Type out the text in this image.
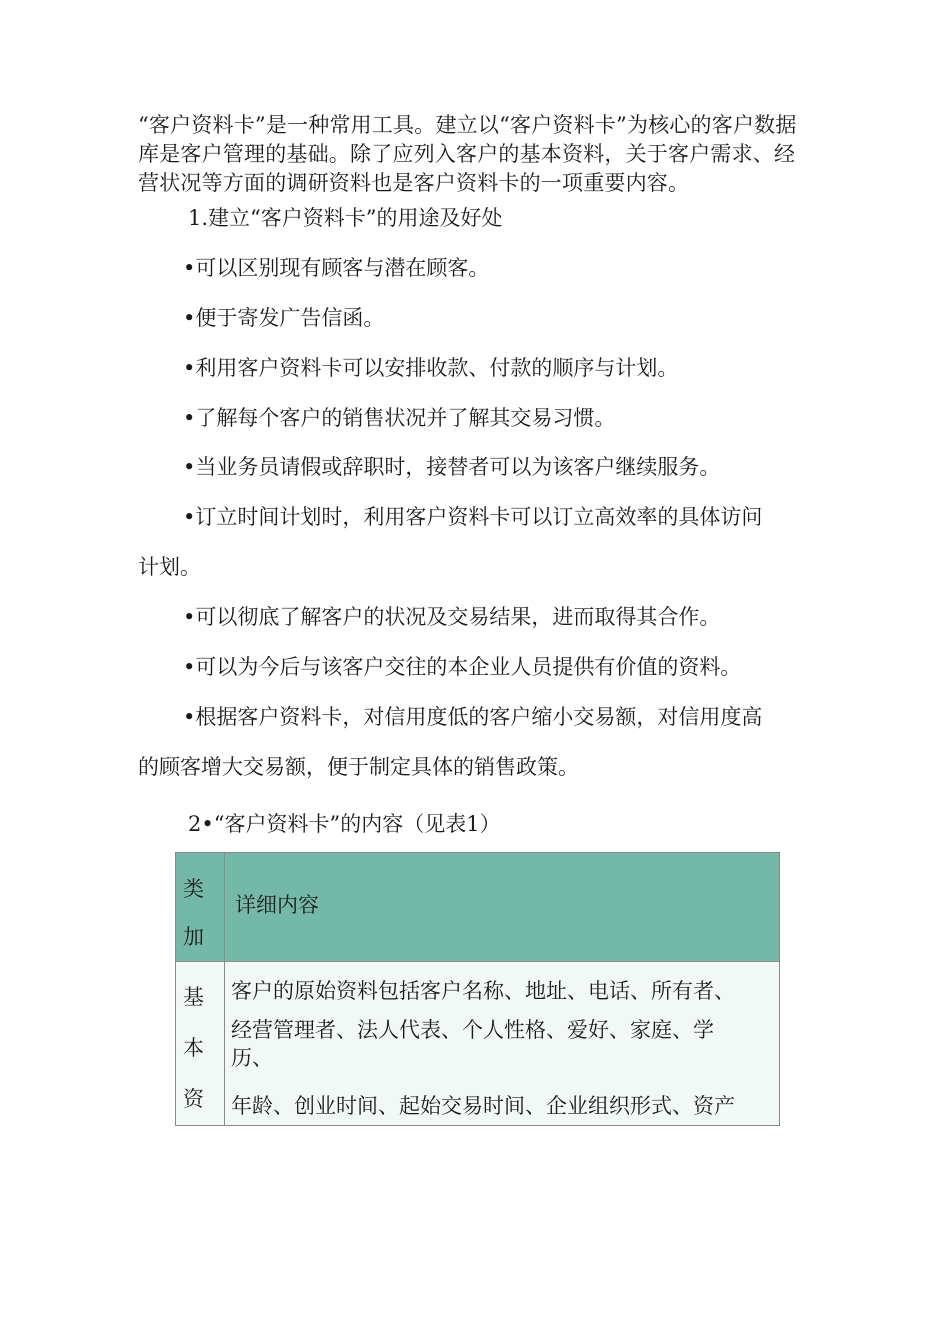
“客户资料卡”是一种常用工具。建立以“客户资料卡”为核心的客户数据库是客户管理的基础。除了应列入客户的基本资料，关于客户需求、经营状况等方面的调研资料也是客户资料卡的一项重要内容。

1.建立“客户资料卡”的用途及好处

•可以区别现有顾客与潜在顾客。

•便于寄发广告信函。

•利用客户资料卡可以安排收款、付款的顺序与计划。

•了解每个客户的销售状况并了解其交易习惯。

•当业务员请假或辞职时，接替者可以为该客户继续服务。

•订立时间计划时，利用客户资料卡可以订立高效率的具体访问

计划。

•可以彻底了解客户的状况及交易结果，进而取得其合作。

•可以为今后与该客户交往的本企业人员提供有价值的资料。

•根据客户资料卡，对信用度低的客户缩小交易额，对信用度高

的顾客增大交易额，便于制定具体的销售政策。

2•“客户资料卡”的内容（见表1）

类加	详细内容

基本资	客户的原始资料包括客户名称、地址、电话、所有者、
经营管理者、法人代表、个人性格、爱好、家庭、学
历、
年龄、创业时间、起始交易时间、企业组织形式、资产
